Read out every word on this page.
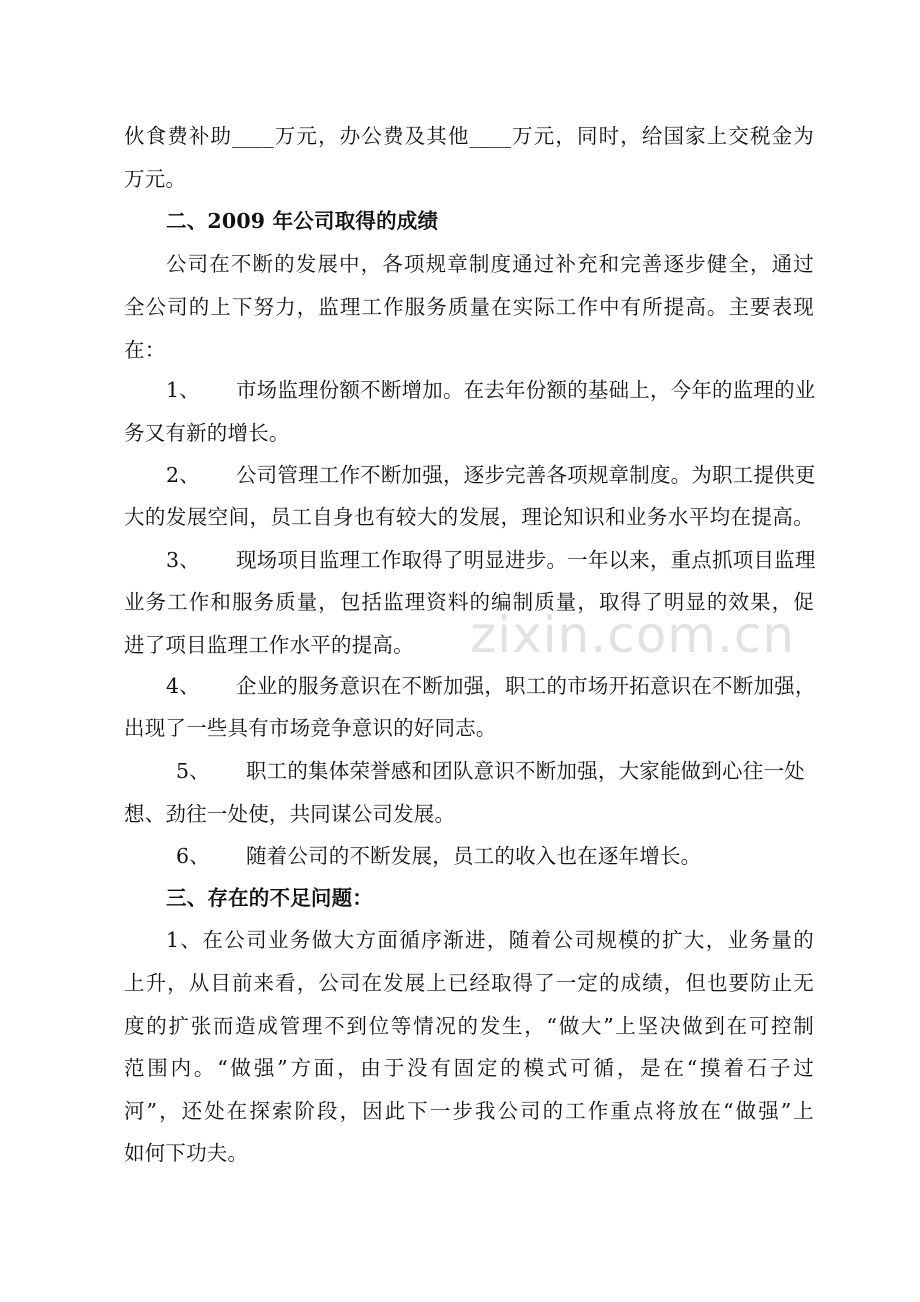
伙食费补助____万元，办公费及其他____万元，同时，给国家上交税金为
万元。
二、2009 年公司取得的成绩
公司在不断的发展中，各项规章制度通过补充和完善逐步健全，通过
全公司的上下努力，监理工作服务质量在实际工作中有所提高。主要表现
在：
1、 市场监理份额不断增加。在去年份额的基础上，今年的监理的业
务又有新的增长。
2、 公司管理工作不断加强，逐步完善各项规章制度。为职工提供更
大的发展空间，员工自身也有较大的发展，理论知识和业务水平均在提高。
3、 现场项目监理工作取得了明显进步。一年以来，重点抓项目监理
业务工作和服务质量，包括监理资料的编制质量，取得了明显的效果，促
进了项目监理工作水平的提高。
4、 企业的服务意识在不断加强，职工的市场开拓意识在不断加强，
出现了一些具有市场竞争意识的好同志。
5、 职工的集体荣誉感和团队意识不断加强，大家能做到心往一处
想、劲往一处使，共同谋公司发展。
6、 随着公司的不断发展，员工的收入也在逐年增长。
三、存在的不足问题：
1、在公司业务做大方面循序渐进，随着公司规模的扩大，业务量的
上升，从目前来看，公司在发展上已经取得了一定的成绩，但也要防止无
度的扩张而造成管理不到位等情况的发生，“做大”上坚决做到在可控制
范围内。“做强”方面，由于没有固定的模式可循，是在“摸着石子过
河”，还处在探索阶段，因此下一步我公司的工作重点将放在“做强”上
如何下功夫。
zixin.com.cn
